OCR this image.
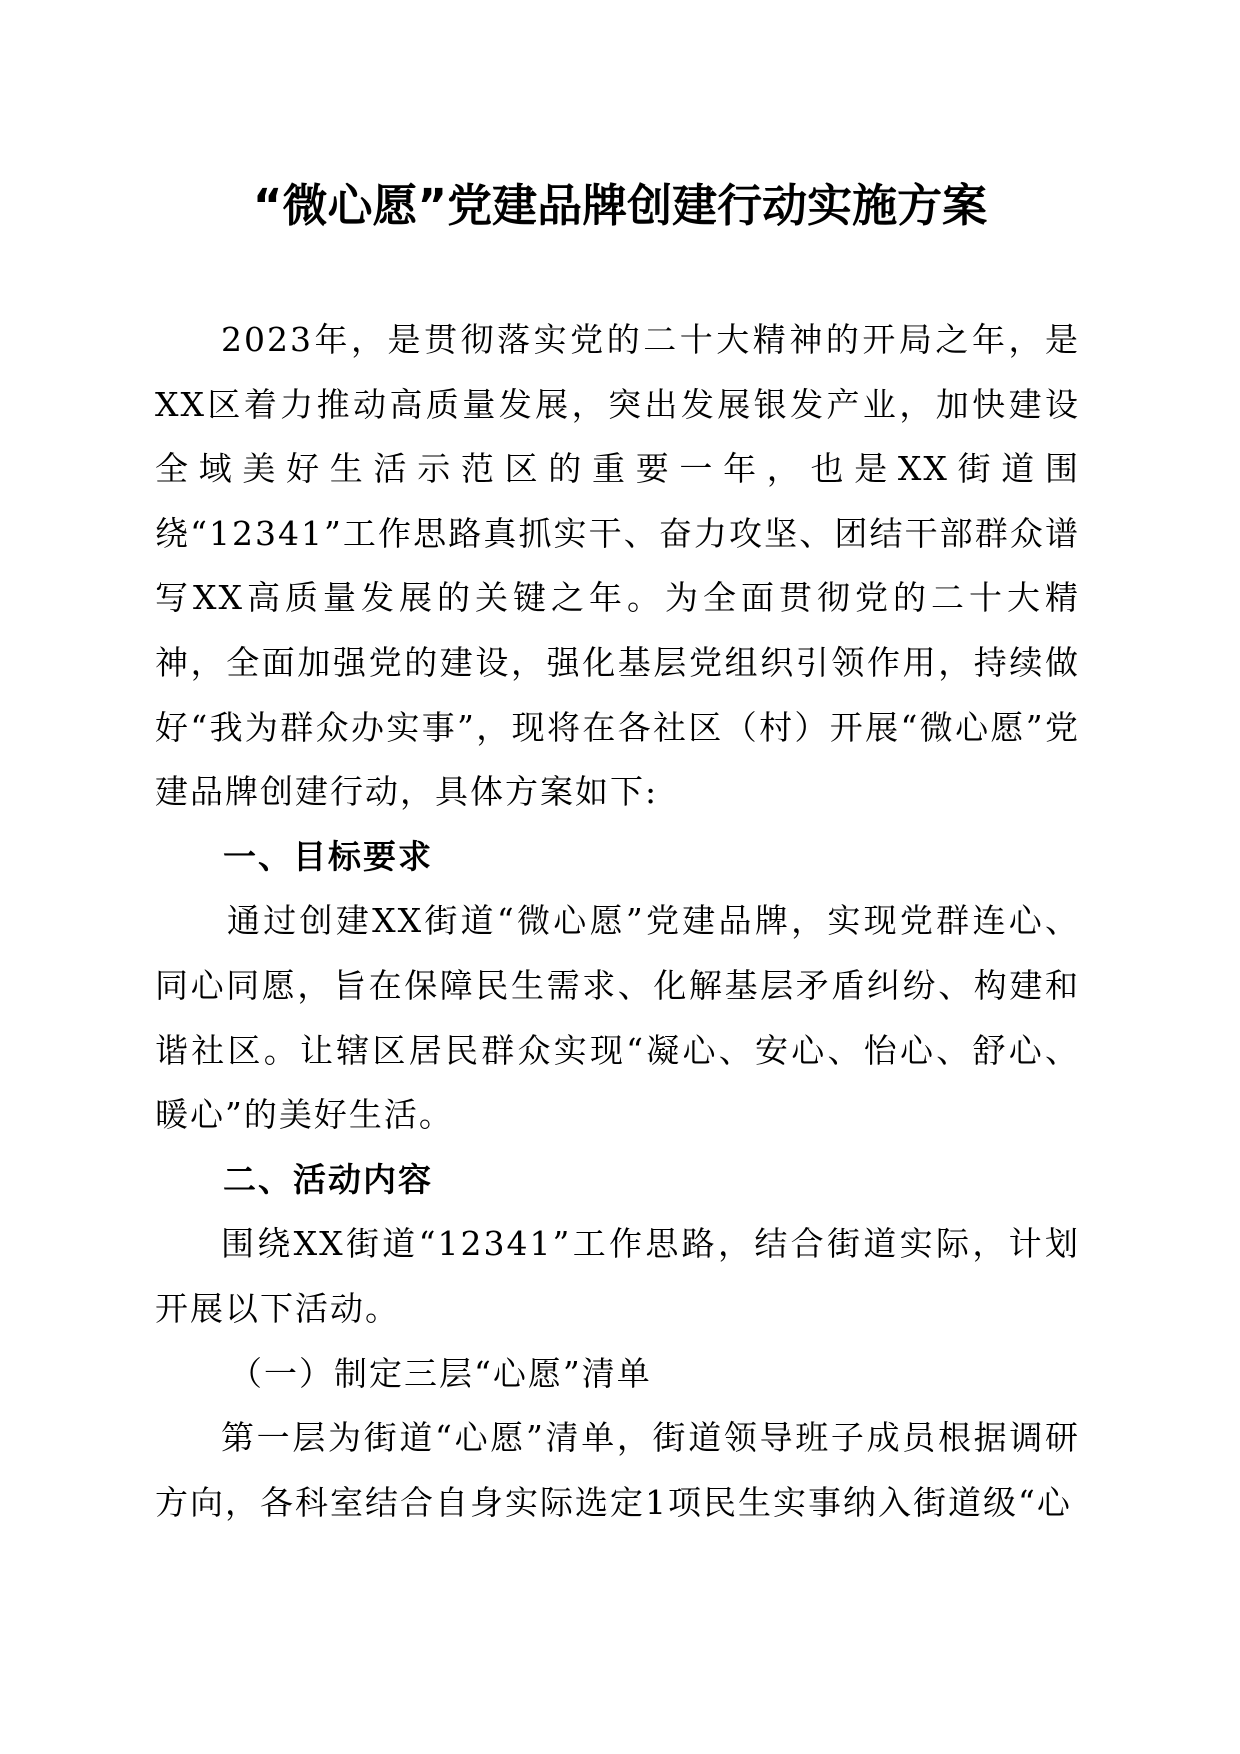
“微心愿”党建品牌创建行动实施方案

2023年，是贯彻落实党的二十大精神的开局之年，是XX区着力推动高质量发展，突出发展银发产业，加快建设全域美好生活示范区的重要一年，也是XX街道围绕“12341”工作思路真抓实干、奋力攻坚、团结干部群众谱写XX高质量发展的关键之年。为全面贯彻党的二十大精神，全面加强党的建设，强化基层党组织引领作用，持续做好“我为群众办实事”，现将在各社区（村）开展“微心愿”党建品牌创建行动，具体方案如下:

一、目标要求

通过创建XX街道“微心愿”党建品牌，实现党群连心、同心同愿，旨在保障民生需求、化解基层矛盾纠纷、构建和谐社区。让辖区居民群众实现“凝心、安心、怡心、舒心、暖心”的美好生活。

二、活动内容

围绕XX街道“12341”工作思路，结合街道实际，计划开展以下活动。

（一）制定三层“心愿”清单

第一层为街道“心愿”清单，街道领导班子成员根据调研方向，各科室结合自身实际选定1项民生实事纳入街道级“心
